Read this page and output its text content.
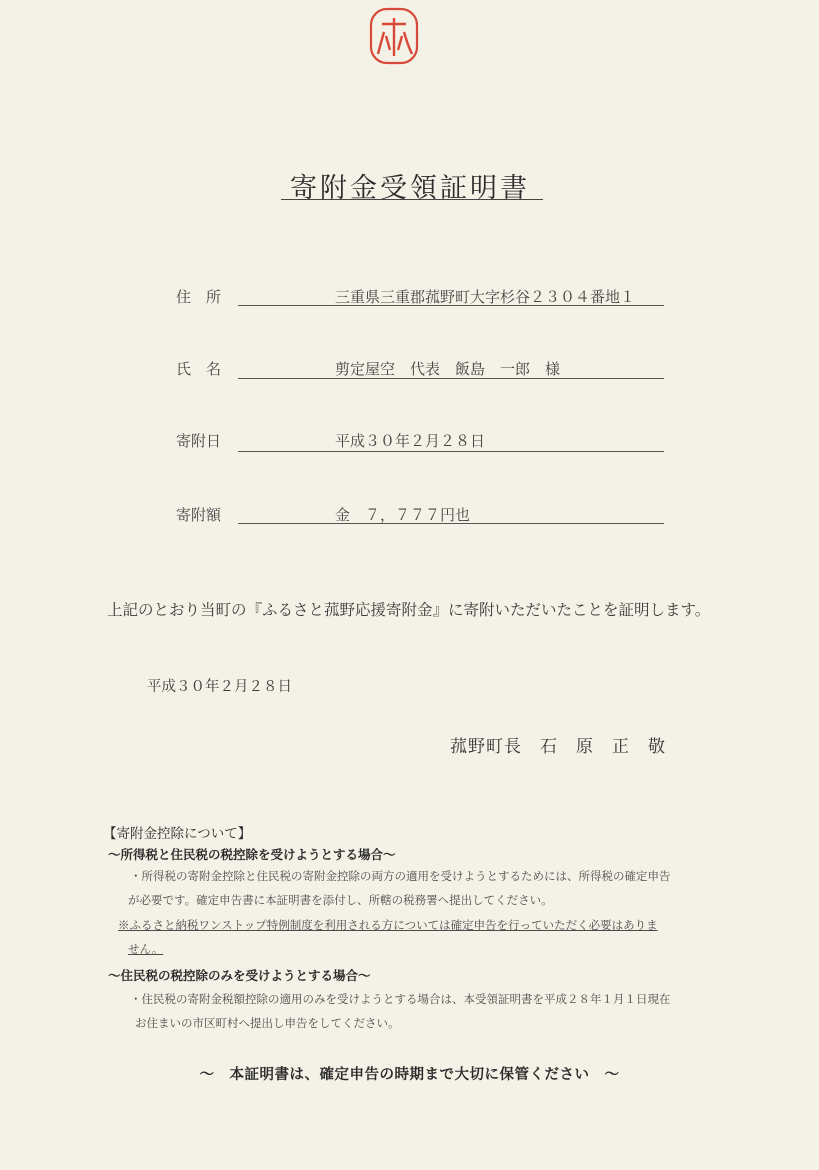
寄附金受領証明書
住　所	三重県三重郡菰野町大字杉谷２３０４番地１
氏　名	剪定屋空　代表　飯島　一郎　様
寄附日	平成３０年２月２８日
寄附額	金　７，７７７円也
上記のとおり当町の『ふるさと菰野応援寄附金』に寄附いただいたことを証明します。
平成３０年２月２８日
菰野町長　石　原　正　敬
【寄附金控除について】
～所得税と住民税の税控除を受けようとする場合～
・所得税の寄附金控除と住民税の寄附金控除の両方の適用を受けようとするためには、所得税の確定申告
が必要です。確定申告書に本証明書を添付し、所轄の税務署へ提出してください。
※ふるさと納税ワンストップ特例制度を利用される方については確定申告を行っていただく必要はありま
せん。
～住民税の税控除のみを受けようとする場合～
・住民税の寄附金税額控除の適用のみを受けようとする場合は、本受領証明書を平成２８年１月１日現在
お住まいの市区町村へ提出し申告をしてください。
～　本証明書は、確定申告の時期まで大切に保管ください　～
